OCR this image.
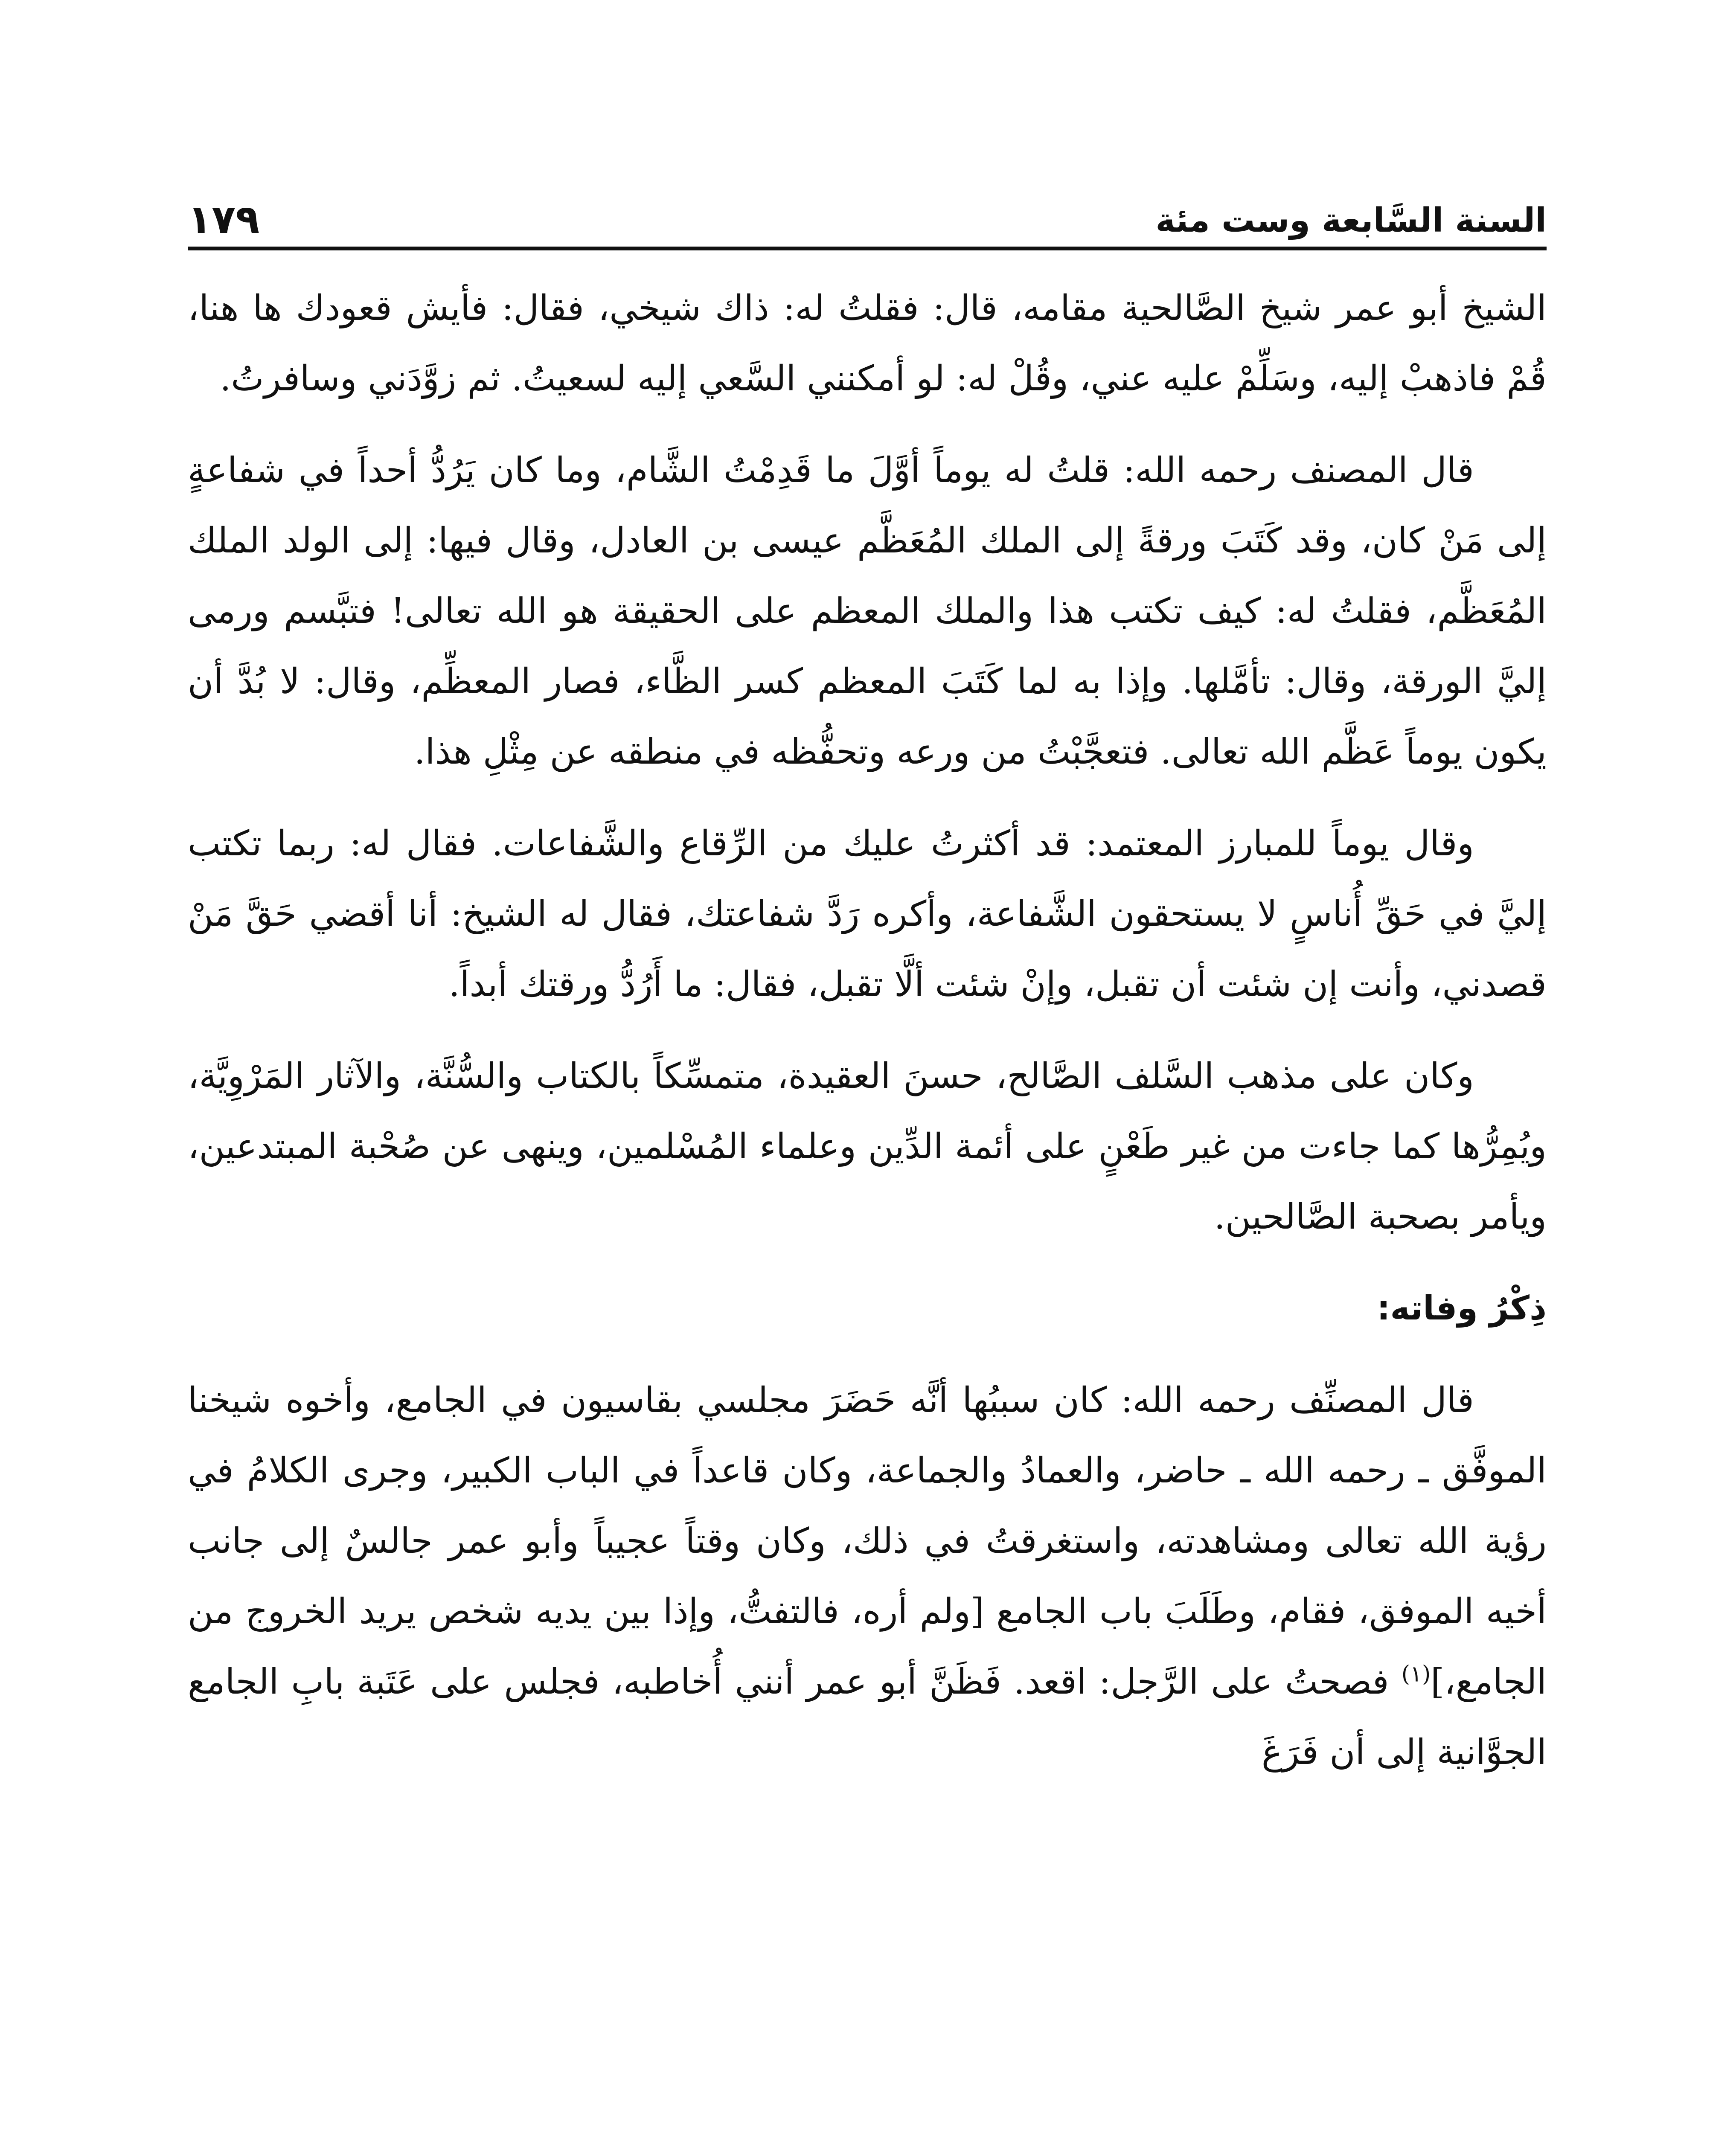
السنة السَّابعة وست مئة
١٧٩

الشيخ أبو عمر شيخ الصَّالحية مقامه، قال: فقلتُ له: ذاك شيخي، فقال: فأيش قعودك ها هنا، قُمْ فاذهبْ إليه، وسَلِّمْ عليه عني، وقُلْ له: لو أمكنني السَّعي إليه لسعيتُ. ثم زوَّدَني وسافرتُ.

قال المصنف رحمه الله: قلتُ له يوماً أوَّلَ ما قَدِمْتُ الشَّام، وما كان يَرُدُّ أحداً في شفاعةٍ إلى مَنْ كان، وقد كَتَبَ ورقةً إلى الملك المُعَظَّم عيسى بن العادل، وقال فيها: إلى الولد الملك المُعَظَّم، فقلتُ له: كيف تكتب هذا والملك المعظم على الحقيقة هو الله تعالى! فتبَّسم ورمى إليَّ الورقة، وقال: تأمَّلها. وإذا به لما كَتَبَ المعظم كسر الظَّاء، فصار المعظِّم، وقال: لا بُدَّ أن يكون يوماً عَظَّم الله تعالى. فتعجَّبْتُ من ورعه وتحفُّظه في منطقه عن مِثْلِ هذا.

وقال يوماً للمبارز المعتمد: قد أكثرتُ عليك من الرِّقاع والشَّفاعات. فقال له: ربما تكتب إليَّ في حَقِّ أُناسٍ لا يستحقون الشَّفاعة، وأكره رَدَّ شفاعتك، فقال له الشيخ: أنا أقضي حَقَّ مَنْ قصدني، وأنت إن شئت أن تقبل، وإنْ شئت ألَّا تقبل، فقال: ما أَرُدُّ ورقتك أبداً.

وكان على مذهب السَّلف الصَّالح، حسنَ العقيدة، متمسِّكاً بالكتاب والسُّنَّة، والآثار المَرْوِيَّة، ويُمِرُّها كما جاءت من غير طَعْنٍ على أئمة الدِّين وعلماء المُسْلمين، وينهى عن صُحْبة المبتدعين، ويأمر بصحبة الصَّالحين.

ذِكْرُ وفاته:

قال المصنِّف رحمه الله: كان سببُها أنَّه حَضَرَ مجلسي بقاسيون في الجامع، وأخوه شيخنا الموفَّق ـ رحمه الله ـ حاضر، والعمادُ والجماعة، وكان قاعداً في الباب الكبير، وجرى الكلامُ في رؤية الله تعالى ومشاهدته، واستغرقتُ في ذلك، وكان وقتاً عجيباً وأبو عمر جالسٌ إلى جانب أخيه الموفق، فقام، وطَلَبَ باب الجامع [ولم أره، فالتفتُّ، وإذا بين يديه شخص يريد الخروج من الجامع،]$^{(١)}$ فصحتُ على الرَّجل: اقعد. فَظَنَّ أبو عمر أنني أُخاطبه، فجلس على عَتَبة بابِ الجامع الجوَّانية إلى أن فَرَغَ
